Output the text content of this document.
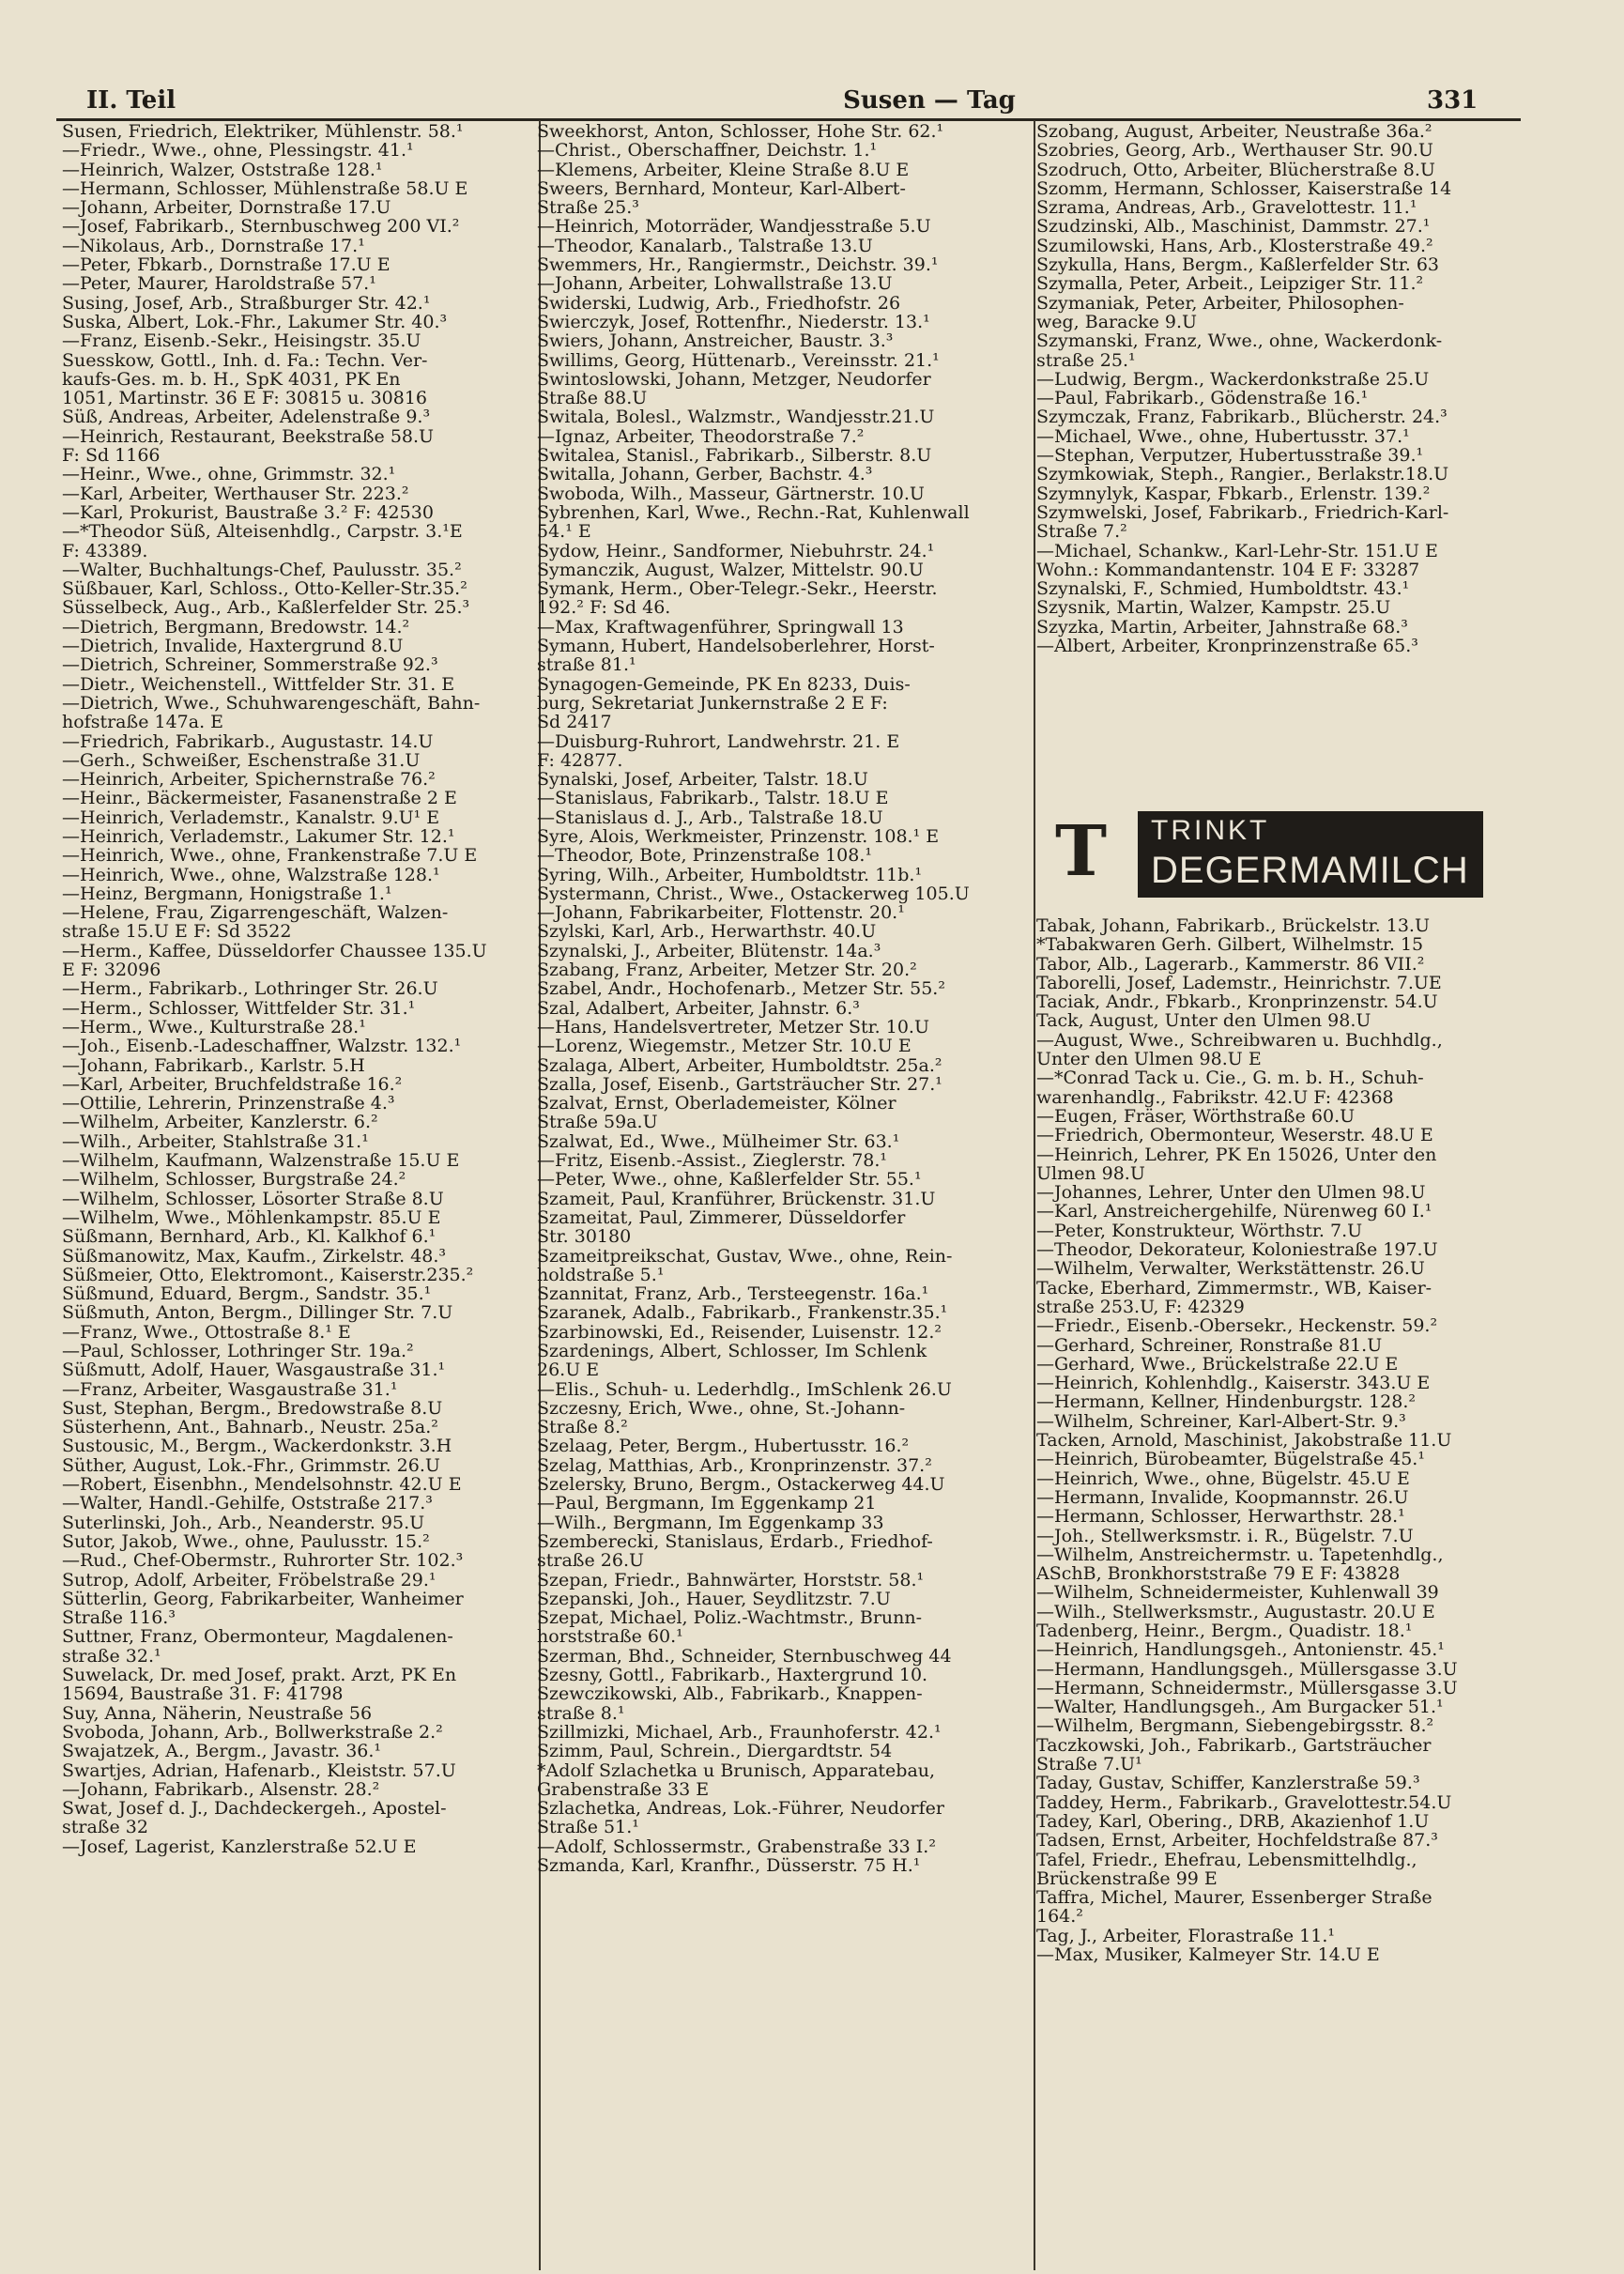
II. Teil	Susen — Tag	331
Susen, Friedrich, Elektriker, Mühlenstr. 58.¹
—Friedr., Wwe., ohne, Plessingstr. 41.¹
—Heinrich, Walzer, Oststraße 128.¹
—Hermann, Schlosser, Mühlenstraße 58.U E
—Johann, Arbeiter, Dornstraße 17.U
—Josef, Fabrikarb., Sternbuschweg 200 VI.²
—Nikolaus, Arb., Dornstraße 17.¹
—Peter, Fbkarb., Dornstraße 17.U E
—Peter, Maurer, Haroldstraße 57.¹
Susing, Josef, Arb., Straßburger Str. 42.¹
Suska, Albert, Lok.-Fhr., Lakumer Str. 40.³
—Franz, Eisenb.-Sekr., Heisingstr. 35.U
Suesskow, Gottl., Inh. d. Fa.: Techn. Ver-
kaufs-Ges. m. b. H., SpK 4031, PK En
1051, Martinstr. 36 E F: 30815 u. 30816
Süß, Andreas, Arbeiter, Adelenstraße 9.³
—Heinrich, Restaurant, Beekstraße 58.U
F: Sd 1166
—Heinr., Wwe., ohne, Grimmstr. 32.¹
—Karl, Arbeiter, Werthauser Str. 223.²
—Karl, Prokurist, Baustraße 3.² F: 42530
—*Theodor Süß, Alteisenhdlg., Carpstr. 3.¹E
F: 43389.
—Walter, Buchhaltungs-Chef, Paulusstr. 35.²
Süßbauer, Karl, Schloss., Otto-Keller-Str.35.²
Süsselbeck, Aug., Arb., Kaßlerfelder Str. 25.³
—Dietrich, Bergmann, Bredowstr. 14.²
—Dietrich, Invalide, Haxtergrund 8.U
—Dietrich, Schreiner, Sommerstraße 92.³
—Dietr., Weichenstell., Wittfelder Str. 31. E
—Dietrich, Wwe., Schuhwarengeschäft, Bahn-
hofstraße 147a. E
—Friedrich, Fabrikarb., Augustastr. 14.U
—Gerh., Schweißer, Eschenstraße 31.U
—Heinrich, Arbeiter, Spichernstraße 76.²
—Heinr., Bäckermeister, Fasanenstraße 2 E
—Heinrich, Verlademstr., Kanalstr. 9.U¹ E
—Heinrich, Verlademstr., Lakumer Str. 12.¹
—Heinrich, Wwe., ohne, Frankenstraße 7.U E
—Heinrich, Wwe., ohne, Walzstraße 128.¹
—Heinz, Bergmann, Honigstraße 1.¹
—Helene, Frau, Zigarrengeschäft, Walzen-
straße 15.U E F: Sd 3522
—Herm., Kaffee, Düsseldorfer Chaussee 135.U
E F: 32096
—Herm., Fabrikarb., Lothringer Str. 26.U
—Herm., Schlosser, Wittfelder Str. 31.¹
—Herm., Wwe., Kulturstraße 28.¹
—Joh., Eisenb.-Ladeschaffner, Walzstr. 132.¹
—Johann, Fabrikarb., Karlstr. 5.H
—Karl, Arbeiter, Bruchfeldstraße 16.²
—Ottilie, Lehrerin, Prinzenstraße 4.³
—Wilhelm, Arbeiter, Kanzlerstr. 6.²
—Wilh., Arbeiter, Stahlstraße 31.¹
—Wilhelm, Kaufmann, Walzenstraße 15.U E
—Wilhelm, Schlosser, Burgstraße 24.²
—Wilhelm, Schlosser, Lösorter Straße 8.U
—Wilhelm, Wwe., Möhlenkampstr. 85.U E
Süßmann, Bernhard, Arb., Kl. Kalkhof 6.¹
Süßmanowitz, Max, Kaufm., Zirkelstr. 48.³
Süßmeier, Otto, Elektromont., Kaiserstr.235.²
Süßmund, Eduard, Bergm., Sandstr. 35.¹
Süßmuth, Anton, Bergm., Dillinger Str. 7.U
—Franz, Wwe., Ottostraße 8.¹ E
—Paul, Schlosser, Lothringer Str. 19a.²
Süßmutt, Adolf, Hauer, Wasgaustraße 31.¹
—Franz, Arbeiter, Wasgaustraße 31.¹
Sust, Stephan, Bergm., Bredowstraße 8.U
Süsterhenn, Ant., Bahnarb., Neustr. 25a.²
Sustousic, M., Bergm., Wackerdonkstr. 3.H
Süther, August, Lok.-Fhr., Grimmstr. 26.U
—Robert, Eisenbhn., Mendelsohnstr. 42.U E
—Walter, Handl.-Gehilfe, Oststraße 217.³
Suterlinski, Joh., Arb., Neanderstr. 95.U
Sutor, Jakob, Wwe., ohne, Paulusstr. 15.²
—Rud., Chef-Obermstr., Ruhrorter Str. 102.³
Sutrop, Adolf, Arbeiter, Fröbelstraße 29.¹
Sütterlin, Georg, Fabrikarbeiter, Wanheimer
Straße 116.³
Suttner, Franz, Obermonteur, Magdalenen-
straße 32.¹
Suwelack, Dr. med Josef, prakt. Arzt, PK En
15694, Baustraße 31. F: 41798
Suy, Anna, Näherin, Neustraße 56
Svoboda, Johann, Arb., Bollwerkstraße 2.²
Swajatzek, A., Bergm., Javastr. 36.¹
Swartjes, Adrian, Hafenarb., Kleiststr. 57.U
—Johann, Fabrikarb., Alsenstr. 28.²
Swat, Josef d. J., Dachdeckergeh., Apostel-
straße 32
—Josef, Lagerist, Kanzlerstraße 52.U E
Sweekhorst, Anton, Schlosser, Hohe Str. 62.¹
—Christ., Oberschaffner, Deichstr. 1.¹
—Klemens, Arbeiter, Kleine Straße 8.U E
Sweers, Bernhard, Monteur, Karl-Albert-
Straße 25.³
—Heinrich, Motorräder, Wandjesstraße 5.U
—Theodor, Kanalarb., Talstraße 13.U
Swemmers, Hr., Rangiermstr., Deichstr. 39.¹
—Johann, Arbeiter, Lohwallstraße 13.U
Swiderski, Ludwig, Arb., Friedhofstr. 26
Swierczyk, Josef, Rottenfhr., Niederstr. 13.¹
Swiers, Johann, Anstreicher, Baustr. 3.³
Swillims, Georg, Hüttenarb., Vereinsstr. 21.¹
Swintoslowski, Johann, Metzger, Neudorfer
Straße 88.U
Switala, Bolesl., Walzmstr., Wandjesstr.21.U
—Ignaz, Arbeiter, Theodorstraße 7.²
Switalea, Stanisl., Fabrikarb., Silberstr. 8.U
Switalla, Johann, Gerber, Bachstr. 4.³
Swoboda, Wilh., Masseur, Gärtnerstr. 10.U
Sybrenhen, Karl, Wwe., Rechn.-Rat, Kuhlenwall
54.¹ E
Sydow, Heinr., Sandformer, Niebuhrstr. 24.¹
Symanczik, August, Walzer, Mittelstr. 90.U
Symank, Herm., Ober-Telegr.-Sekr., Heerstr.
192.² F: Sd 46.
—Max, Kraftwagenführer, Springwall 13
Symann, Hubert, Handelsoberlehrer, Horst-
straße 81.¹
Synagogen-Gemeinde, PK En 8233, Duis-
burg, Sekretariat Junkernstraße 2 E F:
Sd 2417
—Duisburg-Ruhrort, Landwehrstr. 21. E
F: 42877.
Synalski, Josef, Arbeiter, Talstr. 18.U
—Stanislaus, Fabrikarb., Talstr. 18.U E
—Stanislaus d. J., Arb., Talstraße 18.U
Syre, Alois, Werkmeister, Prinzenstr. 108.¹ E
—Theodor, Bote, Prinzenstraße 108.¹
Syring, Wilh., Arbeiter, Humboldtstr. 11b.¹
Systermann, Christ., Wwe., Ostackerweg 105.U
—Johann, Fabrikarbeiter, Flottenstr. 20.¹
Szylski, Karl, Arb., Herwarthstr. 40.U
Szynalski, J., Arbeiter, Blütenstr. 14a.³
Szabang, Franz, Arbeiter, Metzer Str. 20.²
Szabel, Andr., Hochofenarb., Metzer Str. 55.²
Szal, Adalbert, Arbeiter, Jahnstr. 6.³
—Hans, Handelsvertreter, Metzer Str. 10.U
—Lorenz, Wiegemstr., Metzer Str. 10.U E
Szalaga, Albert, Arbeiter, Humboldtstr. 25a.²
Szalla, Josef, Eisenb., Gartsträucher Str. 27.¹
Szalvat, Ernst, Oberlademeister, Kölner
Straße 59a.U
Szalwat, Ed., Wwe., Mülheimer Str. 63.¹
—Fritz, Eisenb.-Assist., Zieglerstr. 78.¹
—Peter, Wwe., ohne, Kaßlerfelder Str. 55.¹
Szameit, Paul, Kranführer, Brückenstr. 31.U
Szameitat, Paul, Zimmerer, Düsseldorfer
Str. 30180
Szameitpreikschat, Gustav, Wwe., ohne, Rein-
holdstraße 5.¹
Szannitat, Franz, Arb., Tersteegenstr. 16a.¹
Szaranek, Adalb., Fabrikarb., Frankenstr.35.¹
Szarbinowski, Ed., Reisender, Luisenstr. 12.²
Szardenings, Albert, Schlosser, Im Schlenk
26.U E
—Elis., Schuh- u. Lederhdlg., ImSchlenk 26.U
Szczesny, Erich, Wwe., ohne, St.-Johann-
Straße 8.²
Szelaag, Peter, Bergm., Hubertusstr. 16.²
Szelag, Matthias, Arb., Kronprinzenstr. 37.²
Szelersky, Bruno, Bergm., Ostackerweg 44.U
—Paul, Bergmann, Im Eggenkamp 21
—Wilh., Bergmann, Im Eggenkamp 33
Szemberecki, Stanislaus, Erdarb., Friedhof-
straße 26.U
Szepan, Friedr., Bahnwärter, Horststr. 58.¹
Szepanski, Joh., Hauer, Seydlitzstr. 7.U
Szepat, Michael, Poliz.-Wachtmstr., Brunn-
horststraße 60.¹
Szerman, Bhd., Schneider, Sternbuschweg 44
Szesny, Gottl., Fabrikarb., Haxtergrund 10.
Szewczikowski, Alb., Fabrikarb., Knappen-
straße 8.¹
Szillmizki, Michael, Arb., Fraunhoferstr. 42.¹
Szimm, Paul, Schrein., Diergardtstr. 54
*Adolf Szlachetka u Brunisch, Apparatebau,
Grabenstraße 33 E
Szlachetka, Andreas, Lok.-Führer, Neudorfer
Straße 51.¹
—Adolf, Schlossermstr., Grabenstraße 33 I.²
Szmanda, Karl, Kranfhr., Düsserstr. 75 H.¹
Szobang, August, Arbeiter, Neustraße 36a.²
Szobries, Georg, Arb., Werthauser Str. 90.U
Szodruch, Otto, Arbeiter, Blücherstraße 8.U
Szomm, Hermann, Schlosser, Kaiserstraße 14
Szrama, Andreas, Arb., Gravelottestr. 11.¹
Szudzinski, Alb., Maschinist, Dammstr. 27.¹
Szumilowski, Hans, Arb., Klosterstraße 49.²
Szykulla, Hans, Bergm., Kaßlerfelder Str. 63
Szymalla, Peter, Arbeit., Leipziger Str. 11.²
Szymaniak, Peter, Arbeiter, Philosophen-
weg, Baracke 9.U
Szymanski, Franz, Wwe., ohne, Wackerdonk-
straße 25.¹
—Ludwig, Bergm., Wackerdonkstraße 25.U
—Paul, Fabrikarb., Gödenstraße 16.¹
Szymczak, Franz, Fabrikarb., Blücherstr. 24.³
—Michael, Wwe., ohne, Hubertusstr. 37.¹
—Stephan, Verputzer, Hubertusstraße 39.¹
Szymkowiak, Steph., Rangier., Berlakstr.18.U
Szymnylyk, Kaspar, Fbkarb., Erlenstr. 139.²
Szymwelski, Josef, Fabrikarb., Friedrich-Karl-
Straße 7.²
—Michael, Schankw., Karl-Lehr-Str. 151.U E
Wohn.: Kommandantenstr. 104 E F: 33287
Szynalski, F., Schmied, Humboldtstr. 43.¹
Szysnik, Martin, Walzer, Kampstr. 25.U
Szyzka, Martin, Arbeiter, Jahnstraße 68.³
—Albert, Arbeiter, Kronprinzenstraße 65.³
T TRINKT
DEGERMAMILCH
Tabak, Johann, Fabrikarb., Brückelstr. 13.U
*Tabakwaren Gerh. Gilbert, Wilhelmstr. 15
Tabor, Alb., Lagerarb., Kammerstr. 86 VII.²
Taborelli, Josef, Lademstr., Heinrichstr. 7.UE
Taciak, Andr., Fbkarb., Kronprinzenstr. 54.U
Tack, August, Unter den Ulmen 98.U
—August, Wwe., Schreibwaren u. Buchhdlg.,
Unter den Ulmen 98.U E
—*Conrad Tack u. Cie., G. m. b. H., Schuh-
warenhandlg., Fabrikstr. 42.U F: 42368
—Eugen, Fräser, Wörthstraße 60.U
—Friedrich, Obermonteur, Weserstr. 48.U E
—Heinrich, Lehrer, PK En 15026, Unter den
Ulmen 98.U
—Johannes, Lehrer, Unter den Ulmen 98.U
—Karl, Anstreichergehilfe, Nürenweg 60 I.¹
—Peter, Konstrukteur, Wörthstr. 7.U
—Theodor, Dekorateur, Koloniestraße 197.U
—Wilhelm, Verwalter, Werkstättenstr. 26.U
Tacke, Eberhard, Zimmermstr., WB, Kaiser-
straße 253.U, F: 42329
—Friedr., Eisenb.-Obersekr., Heckenstr. 59.²
—Gerhard, Schreiner, Ronstraße 81.U
—Gerhard, Wwe., Brückelstraße 22.U E
—Heinrich, Kohlenhdlg., Kaiserstr. 343.U E
—Hermann, Kellner, Hindenburgstr. 128.²
—Wilhelm, Schreiner, Karl-Albert-Str. 9.³
Tacken, Arnold, Maschinist, Jakobstraße 11.U
—Heinrich, Bürobeamter, Bügelstraße 45.¹
—Heinrich, Wwe., ohne, Bügelstr. 45.U E
—Hermann, Invalide, Koopmannstr. 26.U
—Hermann, Schlosser, Herwarthstr. 28.¹
—Joh., Stellwerksmstr. i. R., Bügelstr. 7.U
—Wilhelm, Anstreichermstr. u. Tapetenhdlg.,
ASchB, Bronkhorststraße 79 E F: 43828
—Wilhelm, Schneidermeister, Kuhlenwall 39
—Wilh., Stellwerksmstr., Augustastr. 20.U E
Tadenberg, Heinr., Bergm., Quadistr. 18.¹
—Heinrich, Handlungsgeh., Antonienstr. 45.¹
—Hermann, Handlungsgeh., Müllersgasse 3.U
—Hermann, Schneidermstr., Müllersgasse 3.U
—Walter, Handlungsgeh., Am Burgacker 51.¹
—Wilhelm, Bergmann, Siebengebirgsstr. 8.²
Taczkowski, Joh., Fabrikarb., Gartsträucher
Straße 7.U¹
Taday, Gustav, Schiffer, Kanzlerstraße 59.³
Taddey, Herm., Fabrikarb., Gravelottestr.54.U
Tadey, Karl, Obering., DRB, Akazienhof 1.U
Tadsen, Ernst, Arbeiter, Hochfeldstraße 87.³
Tafel, Friedr., Ehefrau, Lebensmittelhdlg.,
Brückenstraße 99 E
Taffra, Michel, Maurer, Essenberger Straße
164.²
Tag, J., Arbeiter, Florastraße 11.¹
—Max, Musiker, Kalmeyer Str. 14.U E
